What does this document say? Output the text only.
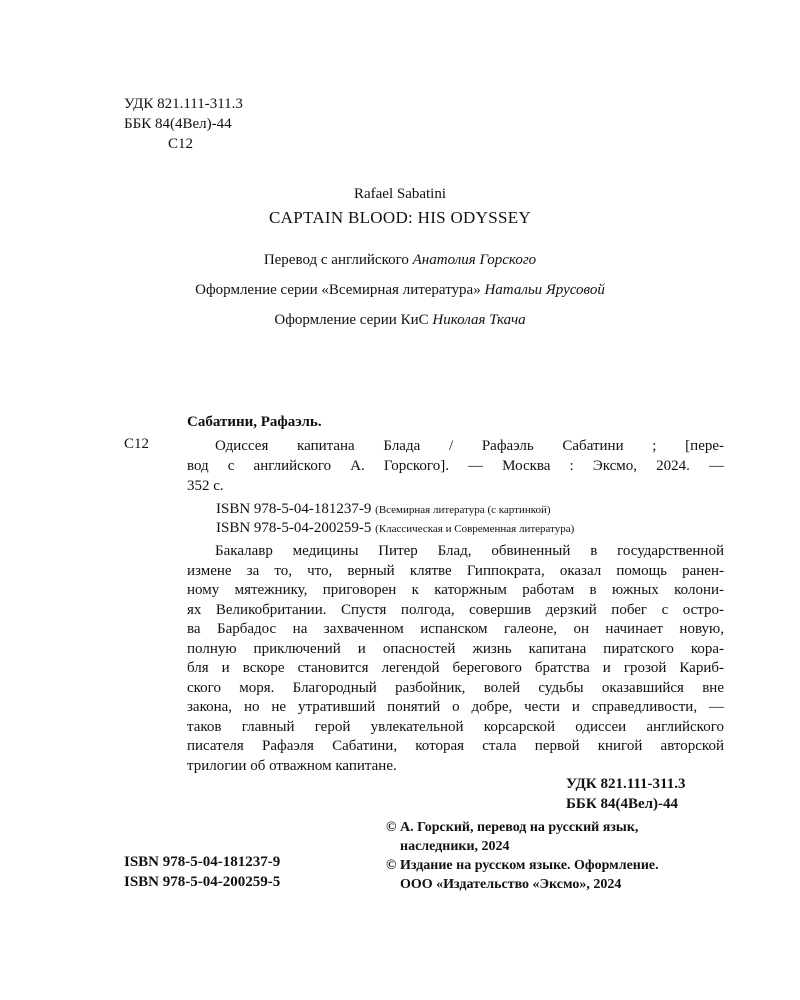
УДК 821.111-311.3
ББК 84(4Вел)-44
С12
Rafael Sabatini
CAPTAIN BLOOD: HIS ODYSSEY
Перевод с английского Анатолия Горского
Оформление серии «Всемирная литература» Натальи Ярусовой
Оформление серии КиС Николая Ткача
Сабатини, Рафаэль.
С12	Одиссея капитана Блада / Рафаэль Сабатини ; [пере-
вод с английского А. Горского]. — Москва : Эксмо, 2024. —
352 с.
ISBN 978-5-04-181237-9 (Всемирная литература (с картинкой)
ISBN 978-5-04-200259-5 (Классическая и Современная литература)
Бакалавр медицины Питер Блад, обвиненный в государственной
измене за то, что, верный клятве Гиппократа, оказал помощь ранен-
ному мятежнику, приговорен к каторжным работам в южных колони-
ях Великобритании. Спустя полгода, совершив дерзкий побег с остро-
ва Барбадос на захваченном испанском галеоне, он начинает новую,
полную приключений и опасностей жизнь капитана пиратского кора-
бля и вскоре становится легендой берегового братства и грозой Кариб-
ского моря. Благородный разбойник, волей судьбы оказавшийся вне
закона, но не утративший понятий о добре, чести и справедливости, —
таков главный герой увлекательной корсарской одиссеи английского
писателя Рафаэля Сабатини, которая стала первой книгой авторской
трилогии об отважном капитане.
УДК 821.111-311.3
ББК 84(4Вел)-44
ISBN 978-5-04-181237-9
ISBN 978-5-04-200259-5
© А. Горский, перевод на русский язык,
наследники, 2024
© Издание на русском языке. Оформление.
ООО «Издательство «Эксмо», 2024
